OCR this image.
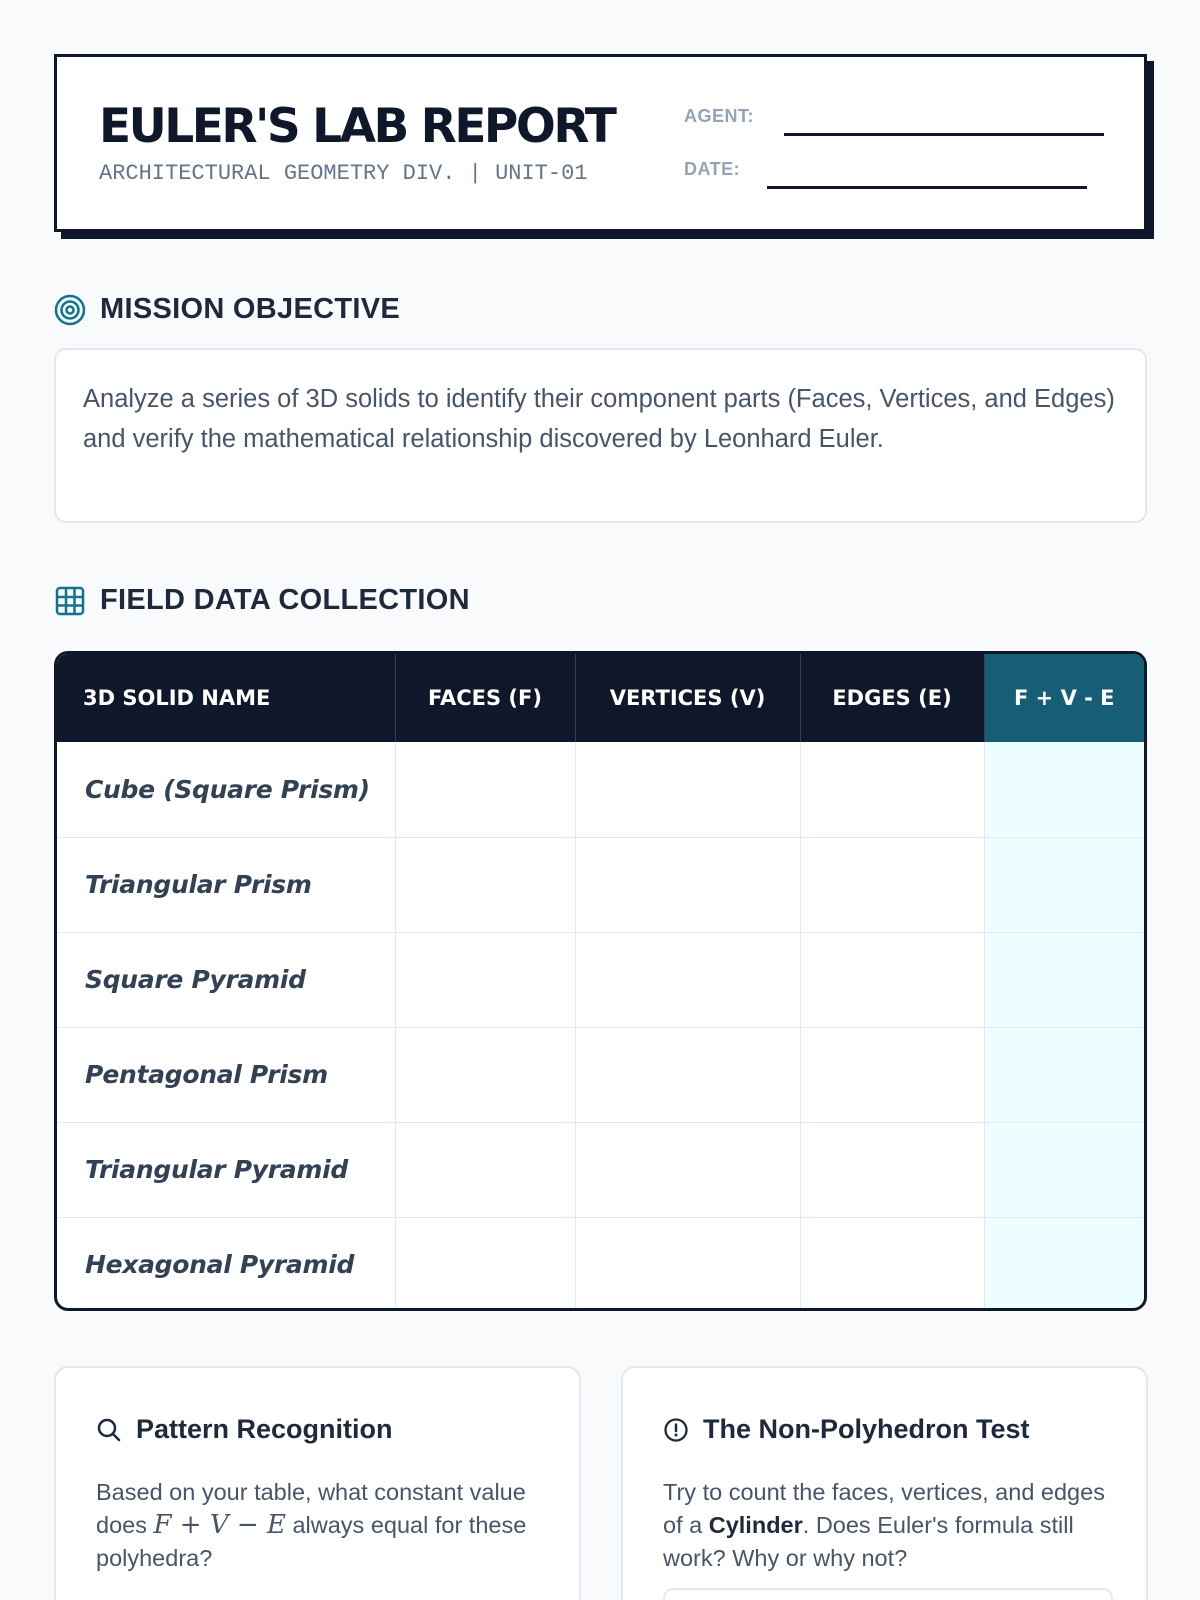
EULER'S LAB REPORT
ARCHITECTURAL GEOMETRY DIV. | UNIT-01
AGENT:
DATE:
MISSION OBJECTIVE
Analyze a series of 3D solids to identify their component parts (Faces, Vertices, and Edges) and verify the mathematical relationship discovered by Leonhard Euler.
FIELD DATA COLLECTION
3D SOLID NAME	FACES (F)	VERTICES (V)	EDGES (E)	F + V - E
Cube (Square Prism)				
Triangular Prism				
Square Pyramid				
Pentagonal Prism				
Triangular Pyramid				
Hexagonal Pyramid				
Pattern Recognition
Based on your table, what constant value does F + V − E always equal for these polyhedra?
The Non-Polyhedron Test
Try to count the faces, vertices, and edges of a Cylinder. Does Euler's formula still work? Why or why not?
